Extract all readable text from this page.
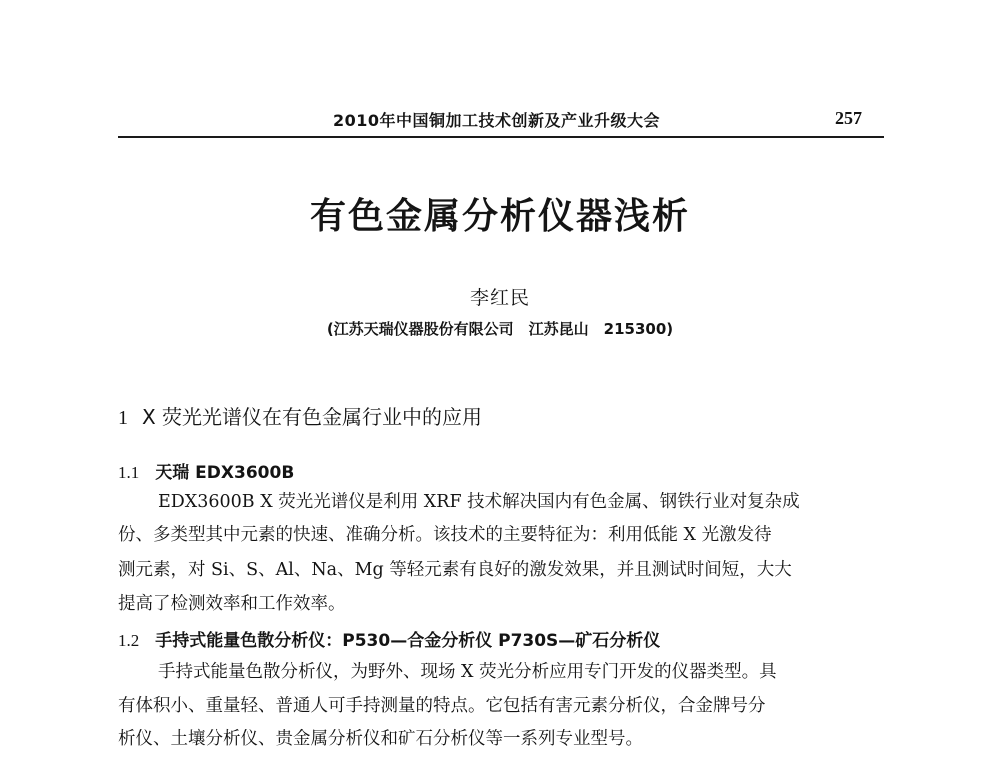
2010年中国铜加工技术创新及产业升级大会	257
有色金属分析仪器浅析
李红民
(江苏天瑞仪器股份有限公司　江苏昆山　215300)
1 X 荧光光谱仪在有色金属行业中的应用
1.1 天瑞 EDX3600B
EDX3600B X 荧光光谱仪是利用 XRF 技术解决国内有色金属、钢铁行业对复杂成
份、多类型其中元素的快速、准确分析。该技术的主要特征为：利用低能 X 光激发待
测元素，对 Si、S、Al、Na、Mg 等轻元素有良好的激发效果，并且测试时间短，大大
提高了检测效率和工作效率。
1.2 手持式能量色散分析仪：P530—合金分析仪 P730S—矿石分析仪
手持式能量色散分析仪，为野外、现场 X 荧光分析应用专门开发的仪器类型。具
有体积小、重量轻、普通人可手持测量的特点。它包括有害元素分析仪，合金牌号分
析仪、土壤分析仪、贵金属分析仪和矿石分析仪等一系列专业型号。
